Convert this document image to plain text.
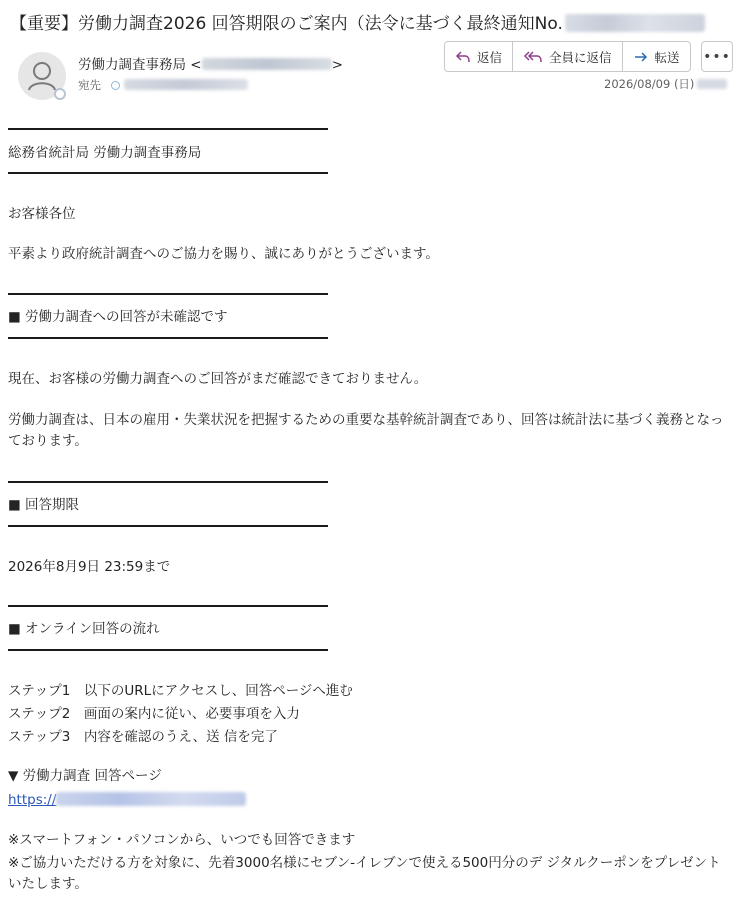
【重要】労働力調査2026 回答期限のご案内（法令に基づく最終通知No.
労働力調査事務局 <	>
宛先
返信	全員に返信	転送 •••
2026/08/09 (日)
総務省統計局 労働力調査事務局
お客様各位
平素より政府統計調査へのご協力を賜り、誠にありがとうございます。
■ 労働力調査への回答が未確認です
現在、お客様の労働力調査へのご回答がまだ確認できておりません。
労働力調査は、日本の雇用・失業状況を把握するための重要な基幹統計調査であり、回答は統計法に基づく義務となっております。
■ 回答期限
2026年8月9日 23:59まで
■ オンライン回答の流れ
ステップ1　以下のURLにアクセスし、回答ページへ進む
ステップ2　画面の案内に従い、必要事項を入力
ステップ3　内容を確認のうえ、送 信を完了
▼ 労働力調査 回答ページ
https://
※スマートフォン・パソコンから、いつでも回答できます
※ご協力いただける方を対象に、先着3000名様にセブン-イレブンで使える500円分のデ ジタルクーポンをプレゼントいたします。
